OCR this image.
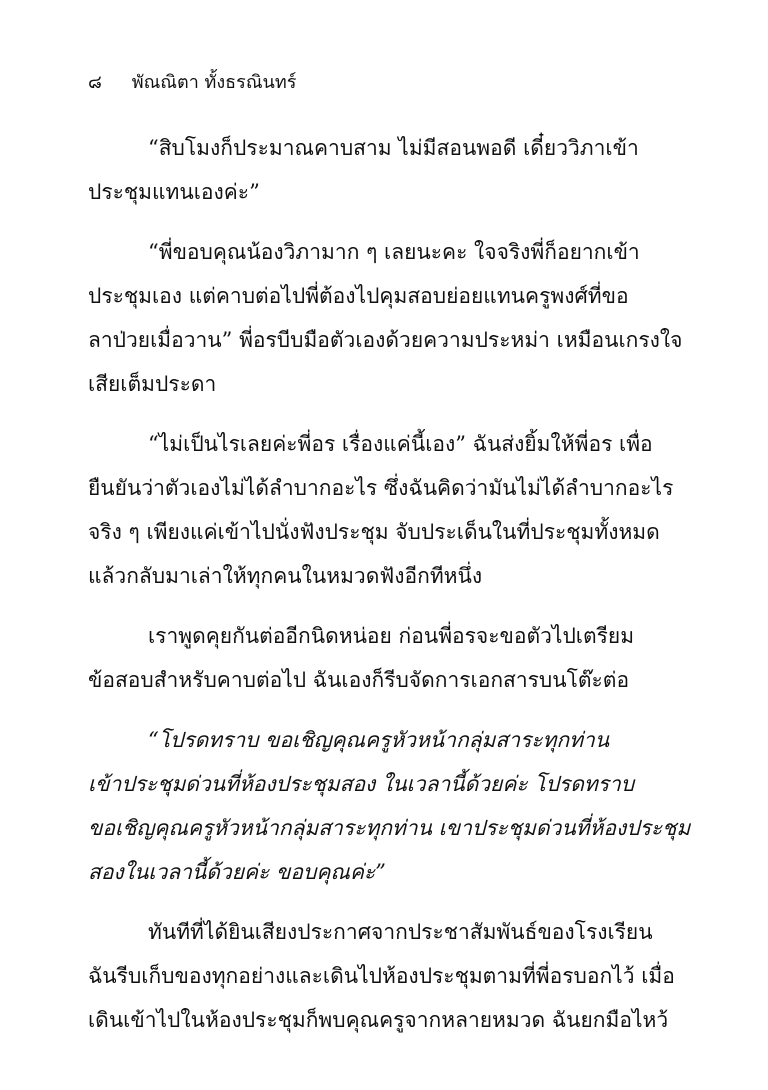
๘ พัณณิตา ทั้งธรณินทร์
“สิบโมงก็ประมาณคาบสาม ไม่มีสอนพอดี เดี๋ยววิภาเข้า
ประชุมแทนเองค่ะ”
“พี่ขอบคุณน้องวิภามาก ๆ เลยนะคะ ใจจริงพี่ก็อยากเข้า
ประชุมเอง แต่คาบต่อไปพี่ต้องไปคุมสอบย่อยแทนครูพงศ์ที่ขอ
ลาป่วยเมื่อวาน” พี่อรบีบมือตัวเองด้วยความประหม่า เหมือนเกรงใจ
เสียเต็มประดา
“ไม่เป็นไรเลยค่ะพี่อร เรื่องแค่นี้เอง” ฉันส่งยิ้มให้พี่อร เพื่อ
ยืนยันว่าตัวเองไม่ได้ลำบากอะไร ซึ่งฉันคิดว่ามันไม่ได้ลำบากอะไร
จริง ๆ เพียงแค่เข้าไปนั่งฟังประชุม จับประเด็นในที่ประชุมทั้งหมด
แล้วกลับมาเล่าให้ทุกคนในหมวดฟังอีกทีหนึ่ง
เราพูดคุยกันต่ออีกนิดหน่อย ก่อนพี่อรจะขอตัวไปเตรียม
ข้อสอบสำหรับคาบต่อไป ฉันเองก็รีบจัดการเอกสารบนโต๊ะต่อ
“โปรดทราบ ขอเชิญคุณครูหัวหน้ากลุ่มสาระทุกท่าน
เข้าประชุมด่วนที่ห้องประชุมสอง ในเวลานี้ด้วยค่ะ โปรดทราบ
ขอเชิญคุณครูหัวหน้ากลุ่มสาระทุกท่าน เขาประชุมด่วนที่ห้องประชุม
สองในเวลานี้ด้วยค่ะ ขอบคุณค่ะ”
ทันทีที่ได้ยินเสียงประกาศจากประชาสัมพันธ์ของโรงเรียน
ฉันรีบเก็บของทุกอย่างและเดินไปห้องประชุมตามที่พี่อรบอกไว้ เมื่อ
เดินเข้าไปในห้องประชุมก็พบคุณครูจากหลายหมวด ฉันยกมือไหว้
